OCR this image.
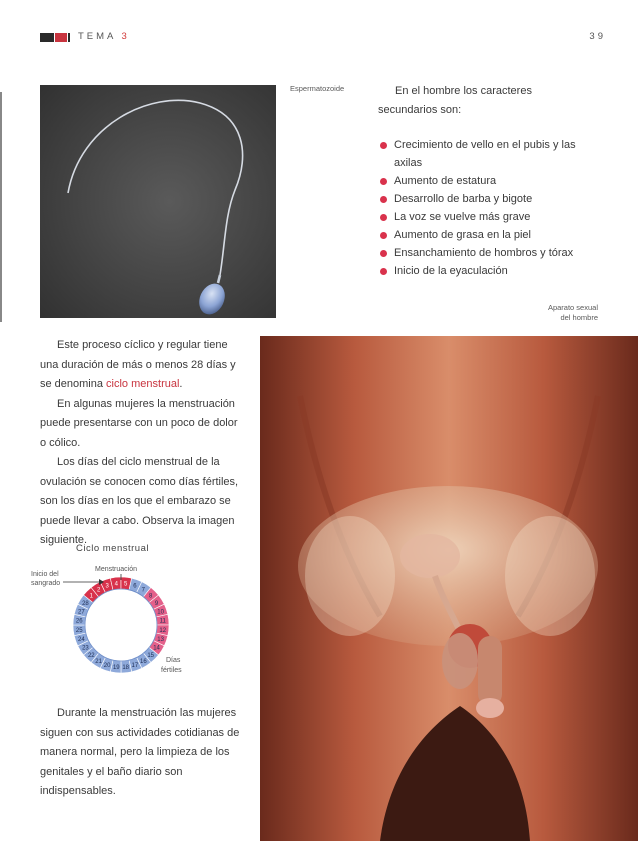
TEMA 3	39
Espermatozoide	En el hombre los caracteres
secundarios son:
Crecimiento de vello en el pubis y las axilas
Aumento de estatura
Desarrollo de barba y bigote
La voz se vuelve más grave
Aumento de grasa en la piel
Ensanchamiento de hombros y tórax
Inicio de la eyaculación
Aparato sexual
del hombre

Este proceso cíclico y regular tiene una duración de más o menos 28 días y se denomina ciclo menstrual.

En algunas mujeres la menstruación puede presentarse con un poco de dolor o cólico.

Los días del ciclo menstrual de la ovulación se conocen como días fértiles, son los días en los que el embarazo se puede llevar a cabo. Observa la imagen siguiente.

Ciclo menstrual
1
2
3 4 5 6
7
8
9
10
11
12
13
14
15
16
17
18
19
20
21
22
23
24
25
26
27
28
Menstruación
Inicio del
sangrado
Días
fértiles

Durante la menstruación las mujeres siguen con sus actividades cotidianas de manera normal, pero la limpieza de los genitales y el baño diario son indispensables.
